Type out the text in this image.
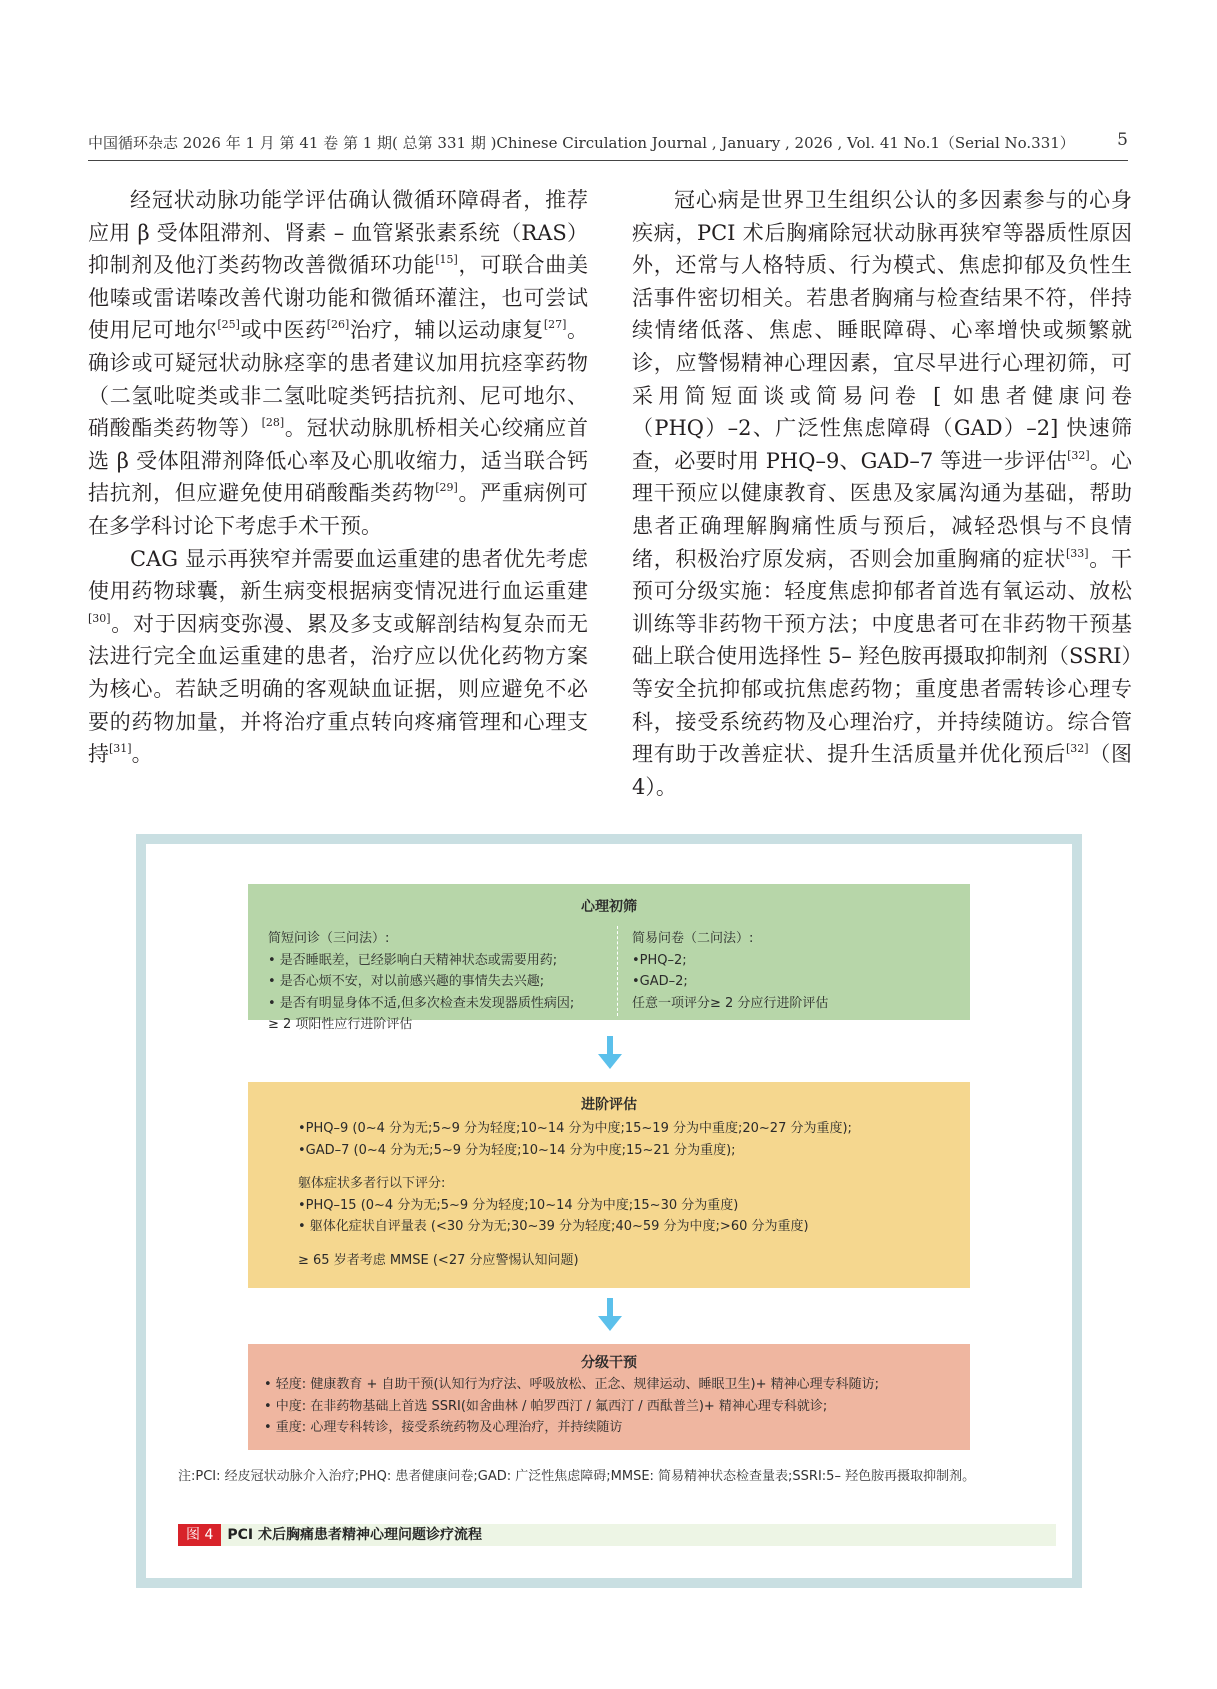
中国循环杂志 2026 年 1 月 第 41 卷 第 1 期( 总第 331 期 )Chinese Circulation Journal , January , 2026 , Vol. 41 No.1（Serial No.331） 5

经冠状动脉功能学评估确认微循环障碍者，推荐应用 β 受体阻滞剂、肾素 – 血管紧张素系统（RAS）抑制剂及他汀类药物改善微循环功能[15]，可联合曲美他嗪或雷诺嗪改善代谢功能和微循环灌注，也可尝试使用尼可地尔[25]或中医药[26]治疗，辅以运动康复[27]。确诊或可疑冠状动脉痉挛的患者建议加用抗痉挛药物（二氢吡啶类或非二氢吡啶类钙拮抗剂、尼可地尔、硝酸酯类药物等）[28]。冠状动脉肌桥相关心绞痛应首选 β 受体阻滞剂降低心率及心肌收缩力，适当联合钙拮抗剂，但应避免使用硝酸酯类药物[29]。严重病例可在多学科讨论下考虑手术干预。

CAG 显示再狭窄并需要血运重建的患者优先考虑使用药物球囊，新生病变根据病变情况进行血运重建[30]。对于因病变弥漫、累及多支或解剖结构复杂而无法进行完全血运重建的患者，治疗应以优化药物方案为核心。若缺乏明确的客观缺血证据，则应避免不必要的药物加量，并将治疗重点转向疼痛管理和心理支持[31]。

冠心病是世界卫生组织公认的多因素参与的心身疾病，PCI 术后胸痛除冠状动脉再狭窄等器质性原因外，还常与人格特质、行为模式、焦虑抑郁及负性生活事件密切相关。若患者胸痛与检查结果不符，伴持续情绪低落、焦虑、睡眠障碍、心率增快或频繁就诊，应警惕精神心理因素，宜尽早进行心理初筛，可采用简短面谈或简易问卷 [ 如患者健康问卷（PHQ）–2、广泛性焦虑障碍（GAD）–2] 快速筛查，必要时用 PHQ–9、GAD–7 等进一步评估[32]。心理干预应以健康教育、医患及家属沟通为基础，帮助患者正确理解胸痛性质与预后，减轻恐惧与不良情绪，积极治疗原发病，否则会加重胸痛的症状[33]。干预可分级实施：轻度焦虑抑郁者首选有氧运动、放松训练等非药物干预方法；中度患者可在非药物干预基础上联合使用选择性 5– 羟色胺再摄取抑制剂（SSRI）等安全抗抑郁或抗焦虑药物；重度患者需转诊心理专科，接受系统药物及心理治疗，并持续随访。综合管理有助于改善症状、提升生活质量并优化预后[32]（图 4）。

心理初筛
简短问诊（三问法）:
• 是否睡眠差，已经影响白天精神状态或需要用药;
• 是否心烦不安，对以前感兴趣的事情失去兴趣;
• 是否有明显身体不适,但多次检查未发现器质性病因;
≥ 2 项阳性应行进阶评估
简易问卷（二问法）:
•PHQ–2;
•GAD–2;
任意一项评分≥ 2 分应行进阶评估
进阶评估
•PHQ–9 (0~4 分为无;5~9 分为轻度;10~14 分为中度;15~19 分为中重度;20~27 分为重度);
•GAD–7 (0~4 分为无;5~9 分为轻度;10~14 分为中度;15~21 分为重度);
躯体症状多者行以下评分:
•PHQ–15 (0~4 分为无;5~9 分为轻度;10~14 分为中度;15~30 分为重度)
• 躯体化症状自评量表 (<30 分为无;30~39 分为轻度;40~59 分为中度;>60 分为重度)
≥ 65 岁者考虑 MMSE (<27 分应警惕认知问题)
分级干预
• 轻度: 健康教育 + 自助干预(认知行为疗法、呼吸放松、正念、规律运动、睡眠卫生)+ 精神心理专科随访;
• 中度: 在非药物基础上首选 SSRI(如舍曲林 / 帕罗西汀 / 氟西汀 / 西酞普兰)+ 精神心理专科就诊;
• 重度: 心理专科转诊，接受系统药物及心理治疗，并持续随访
注:PCI: 经皮冠状动脉介入治疗;PHQ: 患者健康问卷;GAD: 广泛性焦虑障碍;MMSE: 简易精神状态检查量表;SSRI:5– 羟色胺再摄取抑制剂。
图 4 PCI 术后胸痛患者精神心理问题诊疗流程
